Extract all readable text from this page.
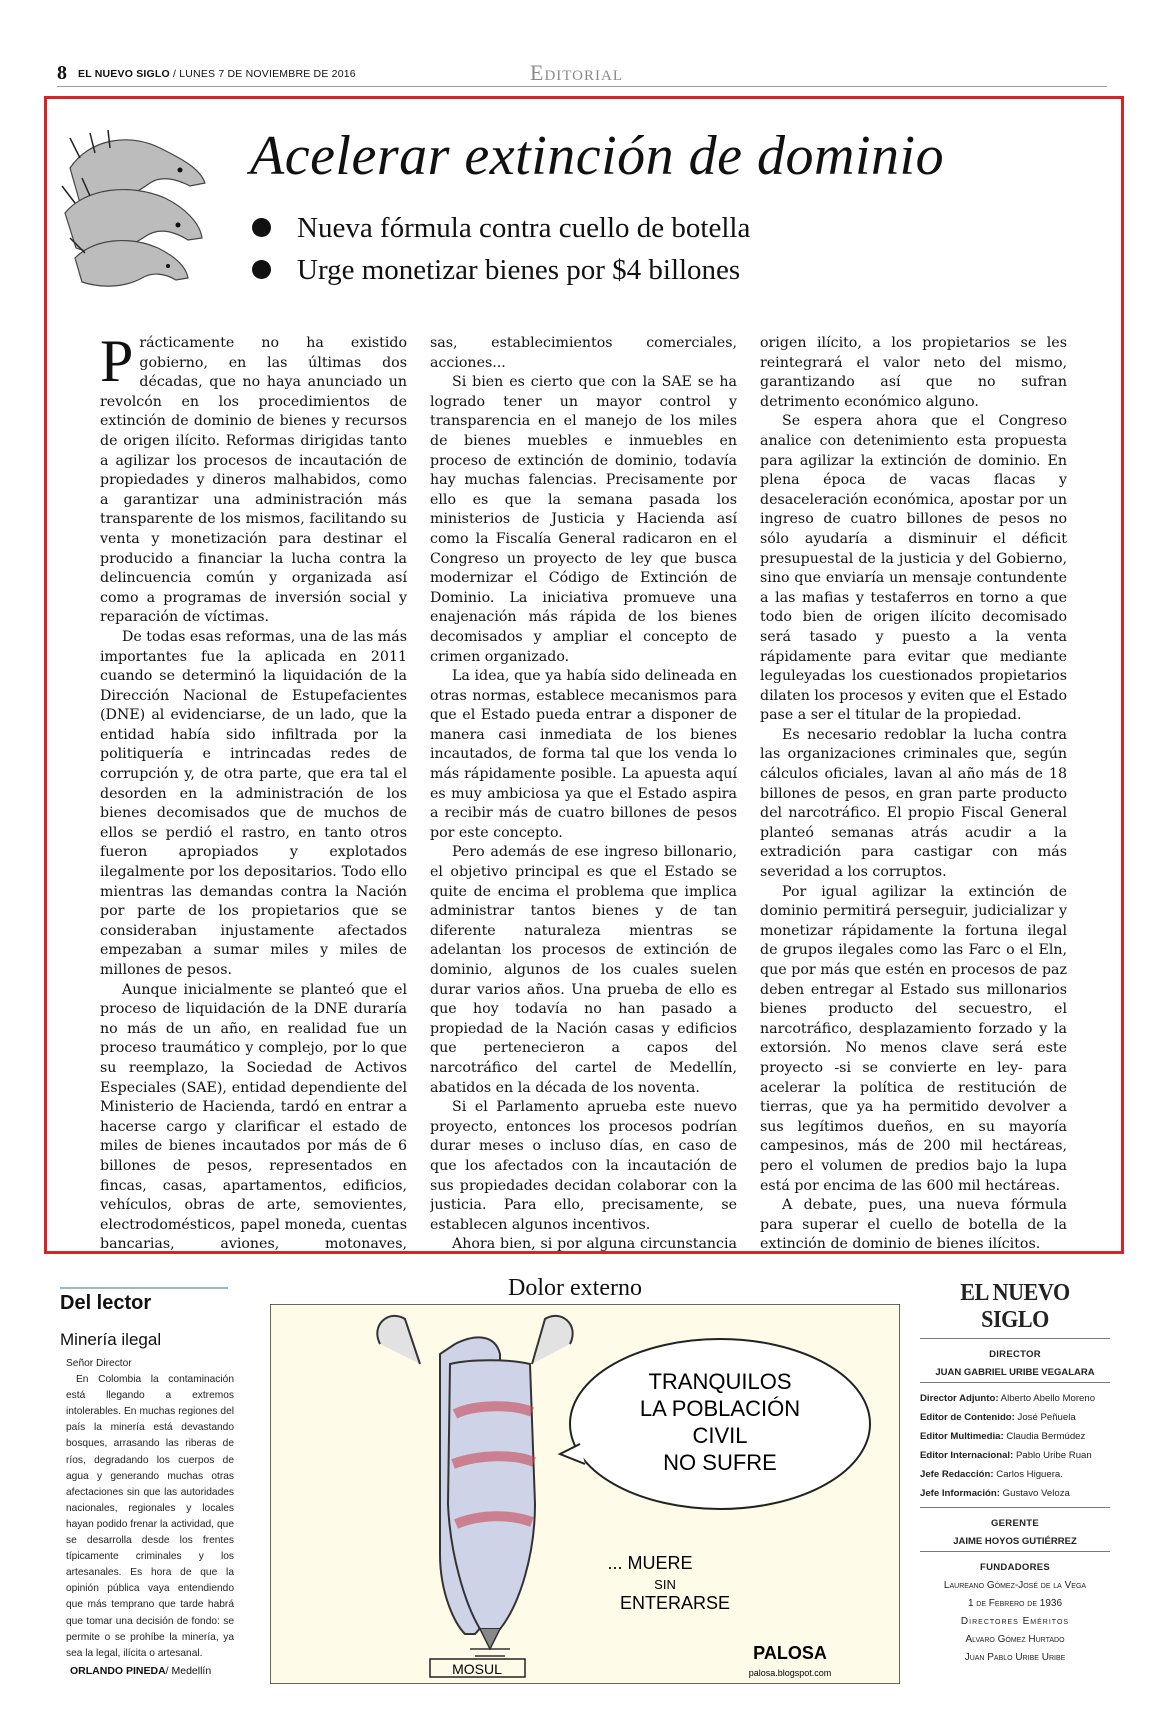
8 EL NUEVO SIGLO / LUNES 7 DE NOVIEMBRE DE 2016	Editorial
Acelerar extinción de dominio
Nueva fórmula contra cuello de botella
Urge monetizar bienes por $4 billones

Prácticamente no ha existido gobierno, en las últimas dos décadas, que no haya anunciado un revolcón en los procedimientos de extinción de dominio de bienes y recursos de origen ilícito. Reformas dirigidas tanto a agilizar los procesos de incautación de propiedades y dineros malhabidos, como a garantizar una administración más transparente de los mismos, facilitando su venta y monetización para destinar el producido a financiar la lucha contra la delincuencia común y organizada así como a programas de inversión social y reparación de víctimas.

De todas esas reformas, una de las más importantes fue la aplicada en 2011 cuando se determinó la liquidación de la Dirección Nacional de Estupefacientes (DNE) al evidenciarse, de un lado, que la entidad había sido infiltrada por la politiquería e intrincadas redes de corrupción y, de otra parte, que era tal el desorden en la administración de los bienes decomisados que de muchos de ellos se perdió el rastro, en tanto otros fueron apropiados y explotados ilegalmente por los depositarios. Todo ello mientras las demandas contra la Nación por parte de los propietarios que se consideraban injustamente afectados empezaban a sumar miles y miles de millones de pesos.

Aunque inicialmente se planteó que el proceso de liquidación de la DNE duraría no más de un año, en realidad fue un proceso traumático y complejo, por lo que su reemplazo, la Sociedad de Activos Especiales (SAE), entidad dependiente del Ministerio de Hacienda, tardó en entrar a hacerse cargo y clarificar el estado de miles de bienes incautados por más de 6 billones de pesos, representados en fincas, casas, apartamentos, edificios, vehículos, obras de arte, semovientes, electrodomésticos, papel moneda, cuentas bancarias, aviones, motonaves,

sas, establecimientos comerciales, acciones...

Si bien es cierto que con la SAE se ha logrado tener un mayor control y transparencia en el manejo de los miles de bienes muebles e inmuebles en proceso de extinción de dominio, todavía hay muchas falencias. Precisamente por ello es que la semana pasada los ministerios de Justicia y Hacienda así como la Fiscalía General radicaron en el Congreso un proyecto de ley que busca modernizar el Código de Extinción de Dominio. La iniciativa promueve una enajenación más rápida de los bienes decomisados y ampliar el concepto de crimen organizado.

La idea, que ya había sido delineada en otras normas, establece mecanismos para que el Estado pueda entrar a disponer de manera casi inmediata de los bienes incautados, de forma tal que los venda lo más rápidamente posible. La apuesta aquí es muy ambiciosa ya que el Estado aspira a recibir más de cuatro billones de pesos por este concepto.

Pero además de ese ingreso billonario, el objetivo principal es que el Estado se quite de encima el problema que implica administrar tantos bienes y de tan diferente naturaleza mientras se adelantan los procesos de extinción de dominio, algunos de los cuales suelen durar varios años. Una prueba de ello es que hoy todavía no han pasado a propiedad de la Nación casas y edificios que pertenecieron a capos del narcotráfico del cartel de Medellín, abatidos en la década de los noventa.

Si el Parlamento aprueba este nuevo proyecto, entonces los procesos podrían durar meses o incluso días, en caso de que los afectados con la incautación de sus propiedades decidan colaborar con la justicia. Para ello, precisamente, se establecen algunos incentivos.

Ahora bien, si por alguna circunstancia

origen ilícito, a los propietarios se les reintegrará el valor neto del mismo, garantizando así que no sufran detrimento económico alguno.

Se espera ahora que el Congreso analice con detenimiento esta propuesta para agilizar la extinción de dominio. En plena época de vacas flacas y desaceleración económica, apostar por un ingreso de cuatro billones de pesos no sólo ayudaría a disminuir el déficit presupuestal de la justicia y del Gobierno, sino que enviaría un mensaje contundente a las mafias y testaferros en torno a que todo bien de origen ilícito decomisado será tasado y puesto a la venta rápidamente para evitar que mediante leguleyadas los cuestionados propietarios dilaten los procesos y eviten que el Estado pase a ser el titular de la propiedad.

Es necesario redoblar la lucha contra las organizaciones criminales que, según cálculos oficiales, lavan al año más de 18 billones de pesos, en gran parte producto del narcotráfico. El propio Fiscal General planteó semanas atrás acudir a la extradición para castigar con más severidad a los corruptos.

Por igual agilizar la extinción de dominio permitirá perseguir, judicializar y monetizar rápidamente la fortuna ilegal de grupos ilegales como las Farc o el Eln, que por más que estén en procesos de paz deben entregar al Estado sus millonarios bienes producto del secuestro, el narcotráfico, desplazamiento forzado y la extorsión. No menos clave será este proyecto -si se convierte en ley- para acelerar la política de restitución de tierras, que ya ha permitido devolver a sus legítimos dueños, en su mayoría campesinos, más de 200 mil hectáreas, pero el volumen de predios bajo la lupa está por encima de las 600 mil hectáreas.

A debate, pues, una nueva fórmula para superar el cuello de botella de la extinción de dominio de bienes ilícitos.

Del lector
Minería ilegal
Señor Director

En Colombia la contaminación está llegando a extremos intolerables. En muchas regiones del país la minería está devastando bosques, arrasando las riberas de ríos, degradando los cuerpos de agua y generando muchas otras afectaciones sin que las autoridades nacionales, regionales y locales hayan podido frenar la actividad, que se desarrolla desde los frentes típicamente criminales y los artesanales. Es hora de que la opinión pública vaya entendiendo que más temprano que tarde habrá que tomar una decisión de fondo: se permite o se prohíbe la minería, ya sea la legal, ilícita o artesanal.

ORLANDO PINEDA/ Medellín
Dolor externo
TRANQUILOS
LA POBLACIÓN
CIVIL
NO SUFRE
... MUERE
SIN
ENTERARSE
MOSUL
PALOSA
palosa.blogspot.com
EL NUEVO SIGLO
DIRECTOR
JUAN GABRIEL URIBE VEGALARA
Director Adjunto: Alberto Abello Moreno
Editor de Contenido: José Peñuela
Editor Multimedia: Claudia Bermúdez
Editor Internacional: Pablo Uribe Ruan
Jefe Redacción: Carlos Higuera.
Jefe Información: Gustavo Veloza
GERENTE
JAIME HOYOS GUTIÉRREZ
FUNDADORES
Laureano Gómez-José de la Vega
1 de Febrero de 1936
Directores Eméritos
Alvaro Gómez Hurtado
Juan Pablo Uribe Uribe
